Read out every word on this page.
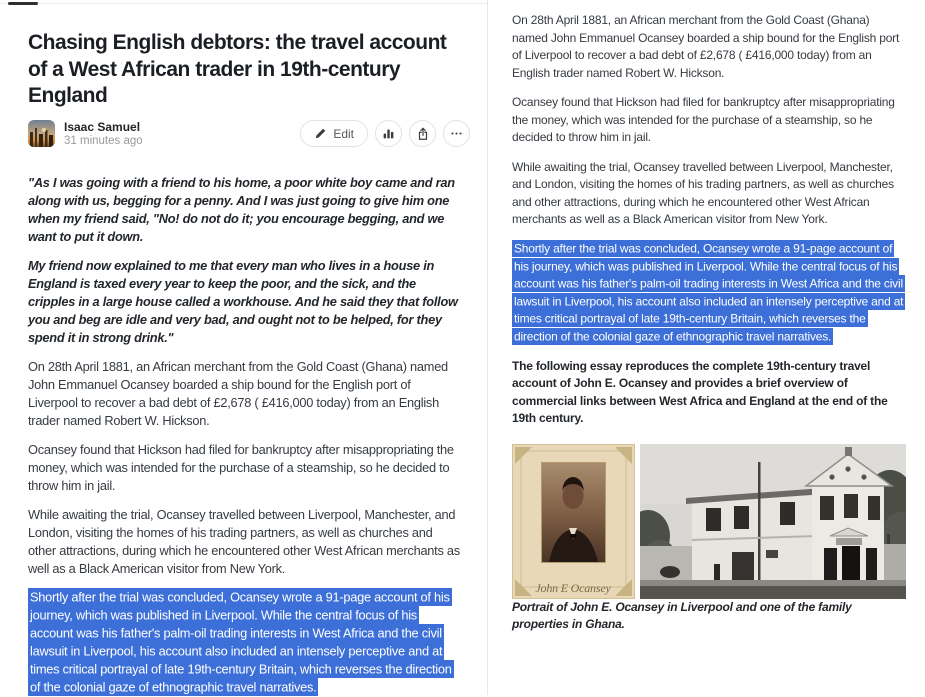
Chasing English debtors: the travel account of a West African trader in 19th-century England
Isaac Samuel
31 minutes ago	Edit

"As I was going with a friend to his home, a poor white boy came and ran along with us, begging for a penny. And I was just going to give him one when my friend said, "No! do not do it; you encourage begging, and we want to put it down.

My friend now explained to me that every man who lives in a house in England is taxed every year to keep the poor, and the sick, and the cripples in a large house called a workhouse. And he said they that follow you and beg are idle and very bad, and ought not to be helped, for they spend it in strong drink."

On 28th April 1881, an African merchant from the Gold Coast (Ghana) named John Emmanuel Ocansey boarded a ship bound for the English port of Liverpool to recover a bad debt of £2,678 ( £416,000 today) from an English trader named Robert W. Hickson.

Ocansey found that Hickson had filed for bankruptcy after misappropriating the money, which was intended for the purchase of a steamship, so he decided to throw him in jail.

While awaiting the trial, Ocansey travelled between Liverpool, Manchester, and London, visiting the homes of his trading partners, as well as churches and other attractions, during which he encountered other West African merchants as well as a Black American visitor from New York.

Shortly after the trial was concluded, Ocansey wrote a 91-page account of his journey, which was published in Liverpool. While the central focus of his account was his father's palm-oil trading interests in West Africa and the civil lawsuit in Liverpool, his account also included an intensely perceptive and at times critical portrayal of late 19th-century Britain, which reverses the direction of the colonial gaze of ethnographic travel narratives.

On 28th April 1881, an African merchant from the Gold Coast (Ghana) named John Emmanuel Ocansey boarded a ship bound for the English port of Liverpool to recover a bad debt of £2,678 ( £416,000 today) from an English trader named Robert W. Hickson.

Ocansey found that Hickson had filed for bankruptcy after misappropriating the money, which was intended for the purchase of a steamship, so he decided to throw him in jail.

While awaiting the trial, Ocansey travelled between Liverpool, Manchester, and London, visiting the homes of his trading partners, as well as churches and other attractions, during which he encountered other West African merchants as well as a Black American visitor from New York.

Shortly after the trial was concluded, Ocansey wrote a 91-page account of his journey, which was published in Liverpool. While the central focus of his account was his father's palm-oil trading interests in West Africa and the civil lawsuit in Liverpool, his account also included an intensely perceptive and at times critical portrayal of late 19th-century Britain, which reverses the direction of the colonial gaze of ethnographic travel narratives.

The following essay reproduces the complete 19th-century travel account of John E. Ocansey and provides a brief overview of commercial links between West Africa and England at the end of the 19th century.

John E Ocansey

Portrait of John E. Ocansey in Liverpool and one of the family properties in Ghana.
